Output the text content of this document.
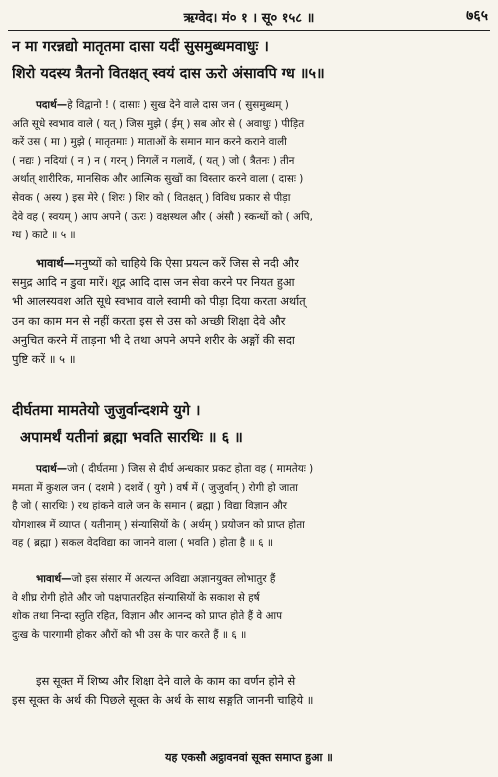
ऋग्वेद। मं० १ । सू० १५८ ॥	७६५
न मा गरन्नद्यो मातृतमा दासा यदीं सुसमुब्धमवाधुः ।
शिरो यदस्य त्रैतनो वितक्षत् स्वयं दास ऊरो अंसावपि ग्ध ॥५॥
पदार्थ—हे विद्वानो ! ( दासाः ) सुख देने वाले दास जन ( सुसमुब्धम् )
अति सूधे स्वभाव वाले ( यत् ) जिस मुझे ( ईम् ) सब ओर से ( अवाधुः ) पीड़ित
करें उस ( मा ) मुझे ( मातृतमाः ) माताओं के समान मान करने कराने वाली
( नद्यः ) नदियां ( न ) न ( गरन् ) निगलें न गलावें, ( यत् ) जो ( त्रैतनः ) तीन
अर्थात् शारीरिक, मानसिक और आत्मिक सुखों का विस्तार करने वाला ( दासः )
सेवक ( अस्य ) इस मेरे ( शिरः ) शिर को ( वितक्षत् ) विविध प्रकार से पीड़ा
देवे वह ( स्वयम् ) आप अपने ( ऊरः ) वक्षस्थल और ( अंसौ ) स्कन्धों को ( अपि,
ग्ध ) काटे ॥ ५ ॥
भावार्थ—मनुष्यों को चाहिये कि ऐसा प्रयत्न करें जिस से नदी और
समुद्र आदि न डुवा मारें। शूद्र आदि दास जन सेवा करने पर नियत हुआ
भी आलस्यवश अति सूधे स्वभाव वाले स्वामी को पीड़ा दिया करता अर्थात्
उन का काम मन से नहीं करता इस से उस को अच्छी शिक्षा देवे और
अनुचित करने में ताड़ना भी दे तथा अपने अपने शरीर के अङ्गों की सदा
पुष्टि करें ॥ ५ ॥
दीर्घतमा मामतेयो जुजुर्वान्दशमे युगे ।
अपामर्थं यतीनां ब्रह्मा भवति सारथिः ॥ ६ ॥
पदार्थ—जो ( दीर्घतमा ) जिस से दीर्घ अन्धकार प्रकट होता वह ( मामतेयः )
ममता में कुशल जन ( दशमे ) दशवें ( युगे ) वर्ष में ( जुजुर्वान् ) रोगी हो जाता
है जो ( सारथिः ) रथ हांकने वाले जन के समान ( ब्रह्मा ) विद्या विज्ञान और
योगशास्त्र में व्याप्त ( यतीनाम् ) संन्यासियों के ( अर्थम् ) प्रयोजन को प्राप्त होता
वह ( ब्रह्मा ) सकल वेदविद्या का जानने वाला ( भवति ) होता है ॥ ६ ॥
भावार्थ—जो इस संसार में अत्यन्त अविद्या अज्ञानयुक्त लोभातुर हैं
वे शीघ्र रोगी होते और जो पक्षपातरहित संन्यासियों के सकाश से हर्ष
शोक तथा निन्दा स्तुति रहित, विज्ञान और आनन्द को प्राप्त होते हैं वे आप
दुःख के पारगामी होकर औरों को भी उस के पार करते हैं ॥ ६ ॥
इस सूक्त में शिष्य और शिक्षा देने वाले के काम का वर्णन होने से
इस सूक्त के अर्थ की पिछले सूक्त के अर्थ के साथ सङ्गति जाननी चाहिये ॥
यह एकसौ अट्ठावनवां सूक्त समाप्त हुआ ॥
